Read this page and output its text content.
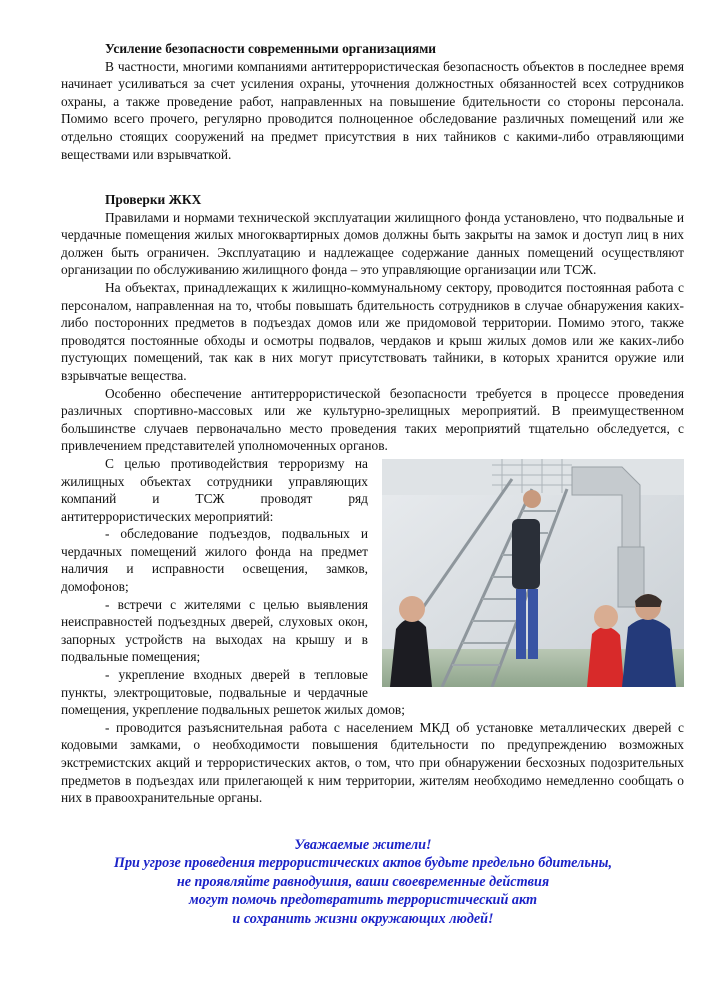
Усиление безопасности современными организациями

В частности, многими компаниями антитеррористическая безопасность объектов в последнее время начинает усиливаться за счет усиления охраны, уточнения должностных обязанностей всех сотрудников охраны, а также проведение работ, направленных на повышение бдительности со стороны персонала. Помимо всего прочего, регулярно проводится полноценное обследование различных помещений или же отдельно стоящих сооружений на предмет присутствия в них тайников с какими-либо отравляющими веществами или взрывчаткой.

Проверки ЖКХ

Правилами и нормами технической эксплуатации жилищного фонда установлено, что подвальные и чердачные помещения жилых многоквартирных домов должны быть закрыты на замок и доступ лиц в них должен быть ограничен. Эксплуатацию и надлежащее содержание данных помещений осуществляют организации по обслуживанию жилищного фонда – это управляющие организации или ТСЖ.

На объектах, принадлежащих к жилищно-коммунальному сектору, проводится постоянная работа с персоналом, направленная на то, чтобы повышать бдительность сотрудников в случае обнаружения каких-либо посторонних предметов в подъездах домов или же придомовой территории. Помимо этого, также проводятся постоянные обходы и осмотры подвалов, чердаков и крыш жилых домов или же каких-либо пустующих помещений, так как в них могут присутствовать тайники, в которых хранится оружие или взрывчатые вещества.

Особенно обеспечение антитеррористической безопасности требуется в процессе проведения различных спортивно-массовых или же культурно-зрелищных мероприятий. В преимущественном большинстве случаев первоначально место проведения таких мероприятий тщательно обследуется, с привлечением представителей уполномоченных органов.

С целью противодействия терроризму на жилищных объектах сотрудники управляющих компаний и ТСЖ проводят ряд антитеррористических мероприятий:

- обследование подъездов, подвальных и чердачных помещений жилого фонда на предмет наличия и исправности освещения, замков, домофонов;

- встречи с жителями с целью выявления неисправностей подъездных дверей, слуховых окон, запорных устройств на выходах на крышу и в подвальные помещения;

- укрепление входных дверей в тепловые пункты, электрощитовые, подвальные и чердачные помещения, укрепление подвальных решеток жилых домов;

- проводится разъяснительная работа с населением МКД об установке металлических дверей с кодовыми замками, о необходимости повышения бдительности по предупреждению возможных экстремистских акций и террористических актов, о том, что при обнаружении бесхозных подозрительных предметов в подъездах или прилегающей к ним территории, жителям необходимо немедленно сообщать о них в правоохранительные органы.

Уважаемые жители!
При угрозе проведения террористических актов будьте предельно бдительны,
не проявляйте равнодушия, ваши своевременные действия
могут помочь предотвратить террористический акт
и сохранить жизни окружающих людей!
